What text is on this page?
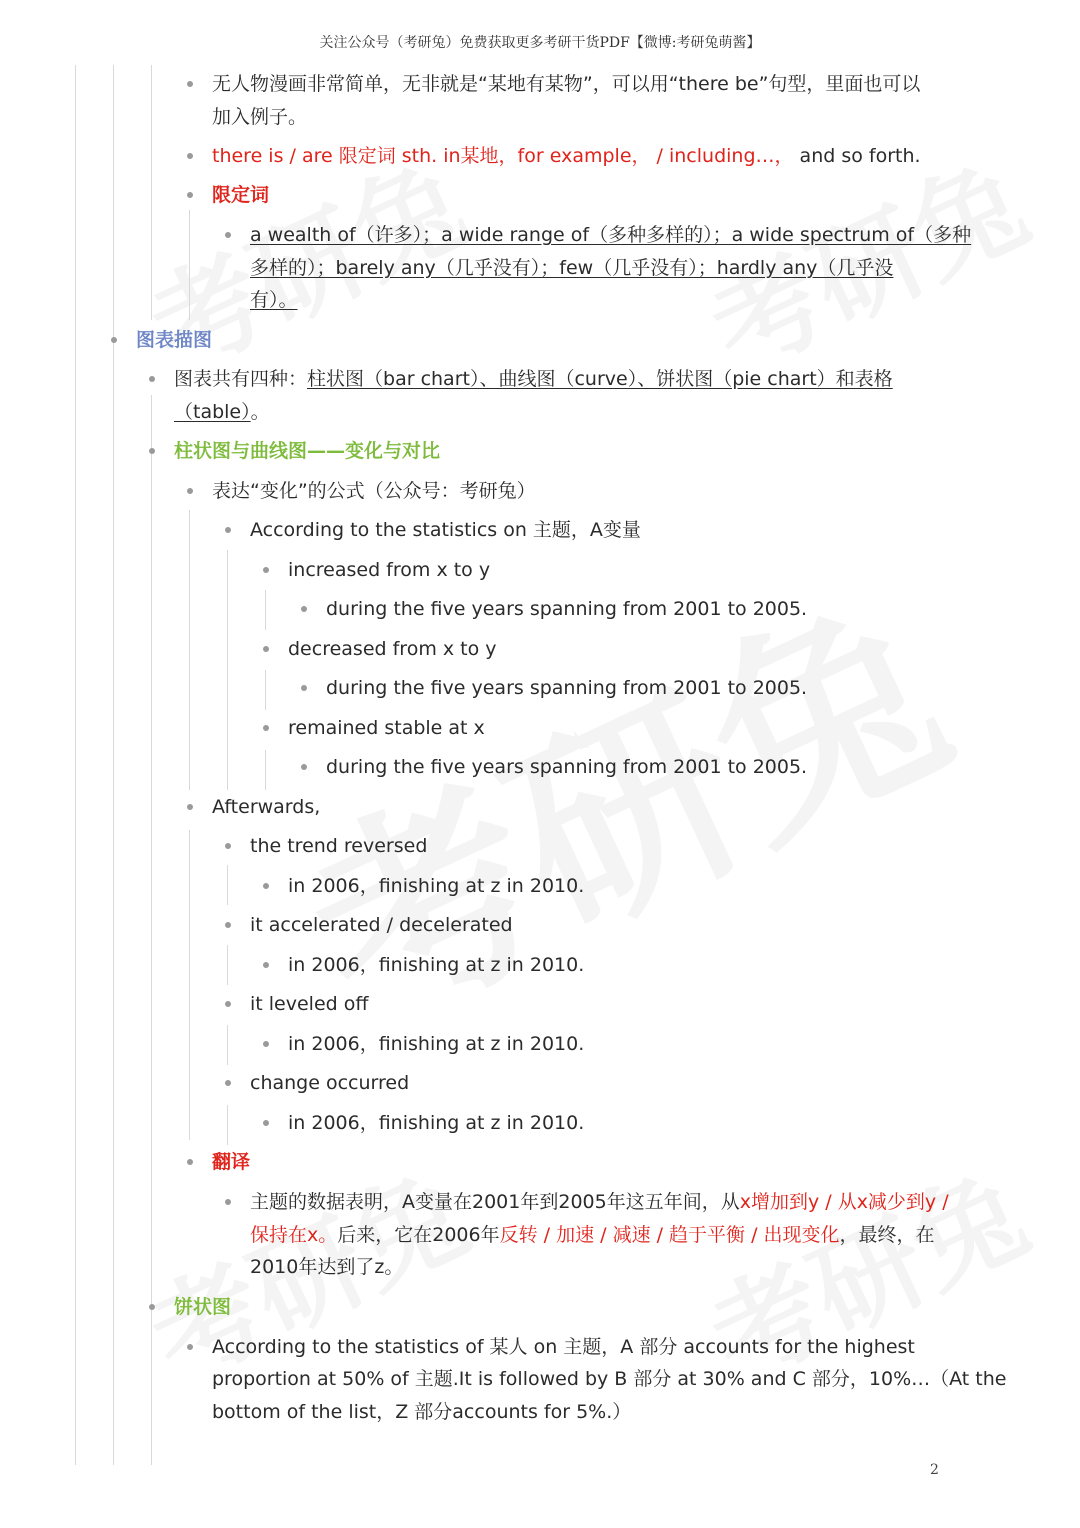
关注公众号（考研兔）免费获取更多考研干货PDF【微博:考研兔萌酱】
无人物漫画非常简单，无非就是“某地有某物”，可以用“there be”句型，里面也可以
加入例子。
there is / are 限定词 sth. in某地，for example， / including…， and so forth.
限定词
a wealth of（许多）；a wide range of（多种多样的）；a wide spectrum of（多种
多样的）；barely any（几乎没有）；few（几乎没有）；hardly any（几乎没
有）。
图表描图
图表共有四种：柱状图（bar chart）、曲线图（curve）、饼状图（pie chart）和表格
（table）。
柱状图与曲线图——变化与对比
表达“变化”的公式（公众号：考研兔）
According to the statistics on 主题，A变量
increased from x to y
during the five years spanning from 2001 to 2005.
decreased from x to y
during the five years spanning from 2001 to 2005.
remained stable at x
during the five years spanning from 2001 to 2005.
Afterwards,
the trend reversed
in 2006，finishing at z in 2010.
it accelerated / decelerated
in 2006，finishing at z in 2010.
it leveled off
in 2006，finishing at z in 2010.
change occurred
in 2006，finishing at z in 2010.
翻译
主题的数据表明，A变量在2001年到2005年这五年间，从x增加到y / 从x减少到y /
保持在x。后来，它在2006年反转 / 加速 / 减速 / 趋于平衡 / 出现变化，最终，在
2010年达到了z。
饼状图
According to the statistics of 某人 on 主题，A 部分 accounts for the highest
proportion at 50% of 主题.It is followed by B 部分 at 30% and C 部分，10%…（At the
bottom of the list，Z 部分accounts for 5%.）
2
